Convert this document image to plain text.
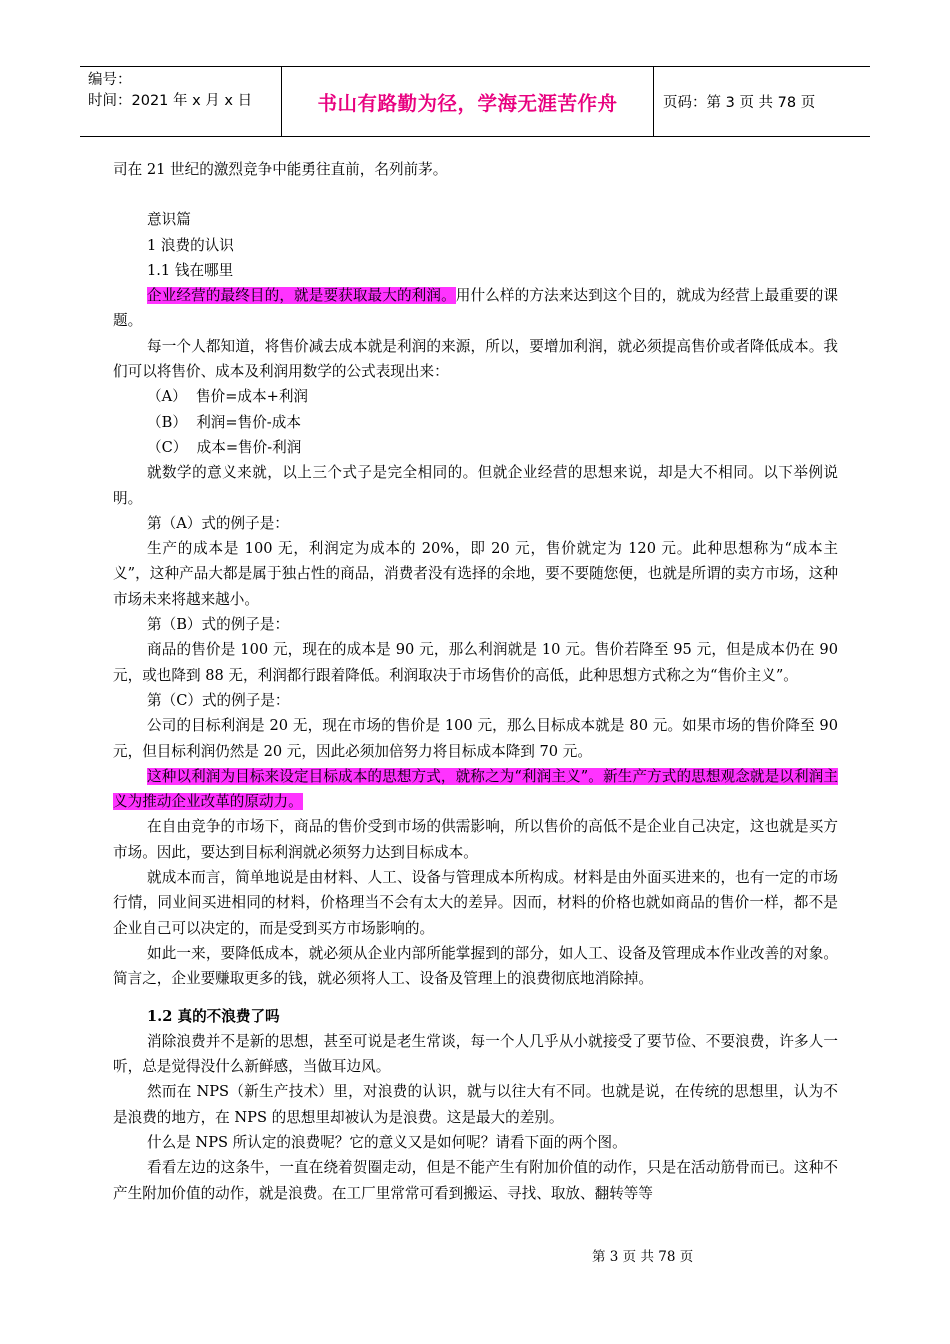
编号：
时间：2021 年 x 月 x 日	书山有路勤为径，学海无涯苦作舟	页码：第 3 页 共 78 页

司在 21 世纪的激烈竞争中能勇往直前，名列前茅。

意识篇

1 浪费的认识

1.1 钱在哪里

企业经营的最终目的，就是要获取最大的利润。用什么样的方法来达到这个目的，就成为经营上最重要的课题。

每一个人都知道，将售价减去成本就是利润的来源，所以，要增加利润，就必须提高售价或者降低成本。我们可以将售价、成本及利润用数学的公式表现出来：

（A）  售价=成本+利润

（B）  利润=售价-成本

（C）  成本=售价-利润

就数学的意义来就，以上三个式子是完全相同的。但就企业经营的思想来说，却是大不相同。以下举例说明。

第（A）式的例子是：

生产的成本是 100 无，利润定为成本的 20%，即 20 元，售价就定为 120 元。此种思想称为“成本主义”，这种产品大都是属于独占性的商品，消费者没有选择的余地，要不要随您便，也就是所谓的卖方市场，这种市场未来将越来越小。

第（B）式的例子是：

商品的售价是 100 元，现在的成本是 90 元，那么利润就是 10 元。售价若降至 95 元，但是成本仍在 90 元，或也降到 88 无，利润都行跟着降低。利润取决于市场售价的高低，此种思想方式称之为“售价主义”。

第（C）式的例子是：

公司的目标利润是 20 无，现在市场的售价是 100 元，那么目标成本就是 80 元。如果市场的售价降至 90 元，但目标利润仍然是 20 元，因此必须加倍努力将目标成本降到 70 元。

这种以利润为目标来设定目标成本的思想方式，就称之为“利润主义”。新生产方式的思想观念就是以利润主义为推动企业改革的原动力。

在自由竞争的市场下，商品的售价受到市场的供需影响，所以售价的高低不是企业自己决定，这也就是买方市场。因此，要达到目标利润就必须努力达到目标成本。

就成本而言，简单地说是由材料、人工、设备与管理成本所构成。材料是由外面买进来的，也有一定的市场行情，同业间买进相同的材料，价格理当不会有太大的差异。因而，材料的价格也就如商品的售价一样，都不是企业自己可以决定的，而是受到买方市场影响的。

如此一来，要降低成本，就必须从企业内部所能掌握到的部分，如人工、设备及管理成本作业改善的对象。简言之，企业要赚取更多的钱，就必须将人工、设备及管理上的浪费彻底地消除掉。

1.2 真的不浪费了吗

消除浪费并不是新的思想，甚至可说是老生常谈，每一个人几乎从小就接受了要节俭、不要浪费，许多人一听，总是觉得没什么新鲜感，当做耳边风。

然而在 NPS（新生产技术）里，对浪费的认识，就与以往大有不同。也就是说，在传统的思想里，认为不是浪费的地方，在 NPS 的思想里却被认为是浪费。这是最大的差别。

什么是 NPS 所认定的浪费呢？它的意义又是如何呢？请看下面的两个图。

看看左边的这条牛，一直在绕着贺圈走动，但是不能产生有附加价值的动作，只是在活动筋骨而已。这种不产生附加价值的动作，就是浪费。在工厂里常常可看到搬运、寻找、取放、翻转等等

第 3 页 共 78 页
